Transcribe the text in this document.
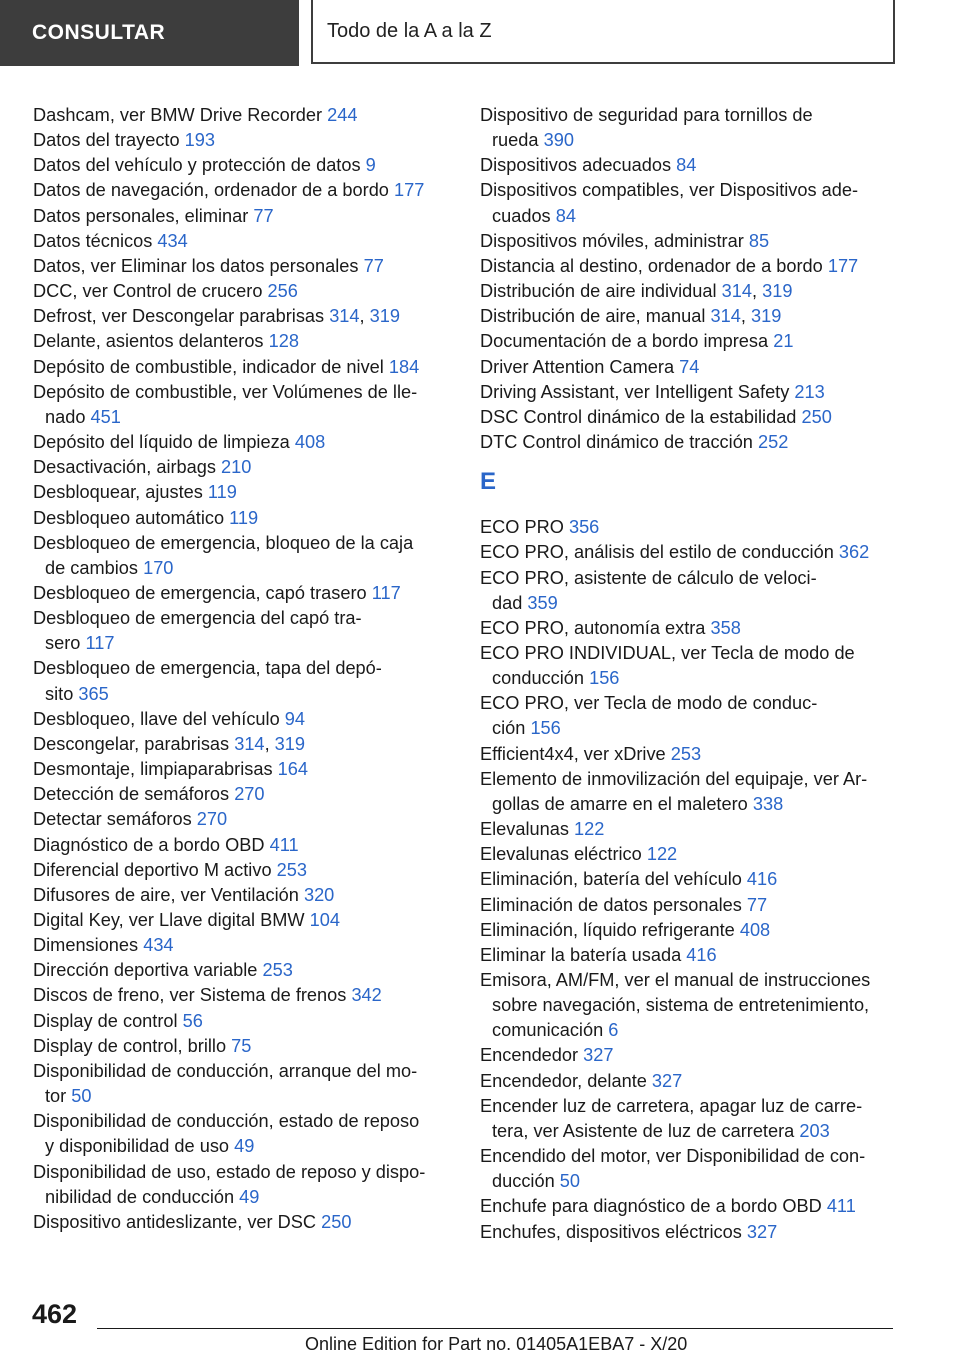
CONSULTAR	Todo de la A a la Z
Dashcam, ver BMW Drive Recorder 244
Datos del trayecto 193
Datos del vehículo y protección de datos 9
Datos de navegación, ordenador de a bordo 177
Datos personales, eliminar 77
Datos técnicos 434
Datos, ver Eliminar los datos personales 77
DCC, ver Control de crucero 256
Defrost, ver Descongelar parabrisas 314, 319
Delante, asientos delanteros 128
Depósito de combustible, indicador de nivel 184
Depósito de combustible, ver Volúmenes de lle-
nado 451
Depósito del líquido de limpieza 408
Desactivación, airbags 210
Desbloquear, ajustes 119
Desbloqueo automático 119
Desbloqueo de emergencia, bloqueo de la caja
de cambios 170
Desbloqueo de emergencia, capó trasero 117
Desbloqueo de emergencia del capó tra-
sero 117
Desbloqueo de emergencia, tapa del depó-
sito 365
Desbloqueo, llave del vehículo 94
Descongelar, parabrisas 314, 319
Desmontaje, limpiaparabrisas 164
Detección de semáforos 270
Detectar semáforos 270
Diagnóstico de a bordo OBD 411
Diferencial deportivo M activo 253
Difusores de aire, ver Ventilación 320
Digital Key, ver Llave digital BMW 104
Dimensiones 434
Dirección deportiva variable 253
Discos de freno, ver Sistema de frenos 342
Display de control 56
Display de control, brillo 75
Disponibilidad de conducción, arranque del mo-
tor 50
Disponibilidad de conducción, estado de reposo
y disponibilidad de uso 49
Disponibilidad de uso, estado de reposo y dispo-
nibilidad de conducción 49
Dispositivo antideslizante, ver DSC 250
Dispositivo de seguridad para tornillos de
rueda 390
Dispositivos adecuados 84
Dispositivos compatibles, ver Dispositivos ade-
cuados 84
Dispositivos móviles, administrar 85
Distancia al destino, ordenador de a bordo 177
Distribución de aire individual 314, 319
Distribución de aire, manual 314, 319
Documentación de a bordo impresa 21
Driver Attention Camera 74
Driving Assistant, ver Intelligent Safety 213
DSC Control dinámico de la estabilidad 250
DTC Control dinámico de tracción 252
E
ECO PRO 356
ECO PRO, análisis del estilo de conducción 362
ECO PRO, asistente de cálculo de veloci-
dad 359
ECO PRO, autonomía extra 358
ECO PRO INDIVIDUAL, ver Tecla de modo de
conducción 156
ECO PRO, ver Tecla de modo de conduc-
ción 156
Efficient4x4, ver xDrive 253
Elemento de inmovilización del equipaje, ver Ar-
gollas de amarre en el maletero 338
Elevalunas 122
Elevalunas eléctrico 122
Eliminación, batería del vehículo 416
Eliminación de datos personales 77
Eliminación, líquido refrigerante 408
Eliminar la batería usada 416
Emisora, AM/FM, ver el manual de instrucciones
sobre navegación, sistema de entretenimiento,
comunicación 6
Encendedor 327
Encendedor, delante 327
Encender luz de carretera, apagar luz de carre-
tera, ver Asistente de luz de carretera 203
Encendido del motor, ver Disponibilidad de con-
ducción 50
Enchufe para diagnóstico de a bordo OBD 411
Enchufes, dispositivos eléctricos 327
462
Online Edition for Part no. 01405A1EBA7 - X/20
